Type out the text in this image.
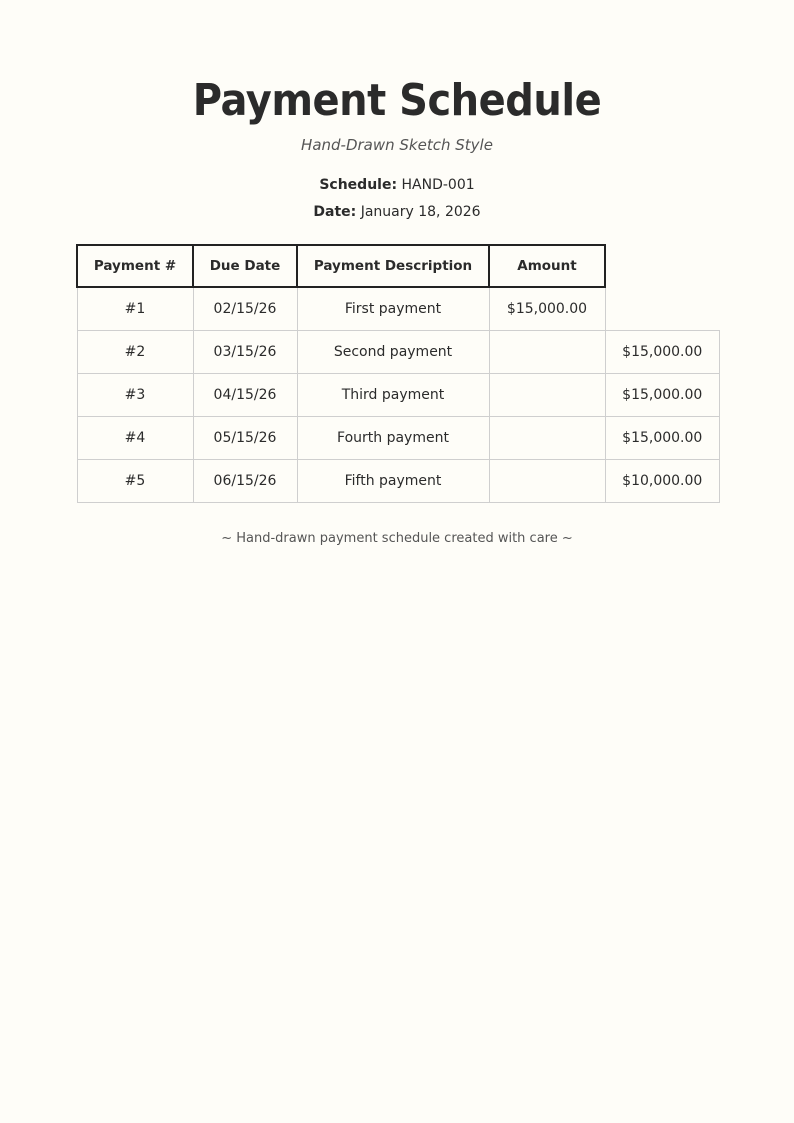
Payment Schedule
Hand-Drawn Sketch Style
Schedule: HAND-001
Date: January 18, 2026
Payment #	Due Date	Payment Description	Amount	
#1	02/15/26	First payment	$15,000.00	
#2	03/15/26	Second payment		$15,000.00
#3	04/15/26	Third payment		$15,000.00
#4	05/15/26	Fourth payment		$15,000.00
#5	06/15/26	Fifth payment		$10,000.00
~ Hand-drawn payment schedule created with care ~
